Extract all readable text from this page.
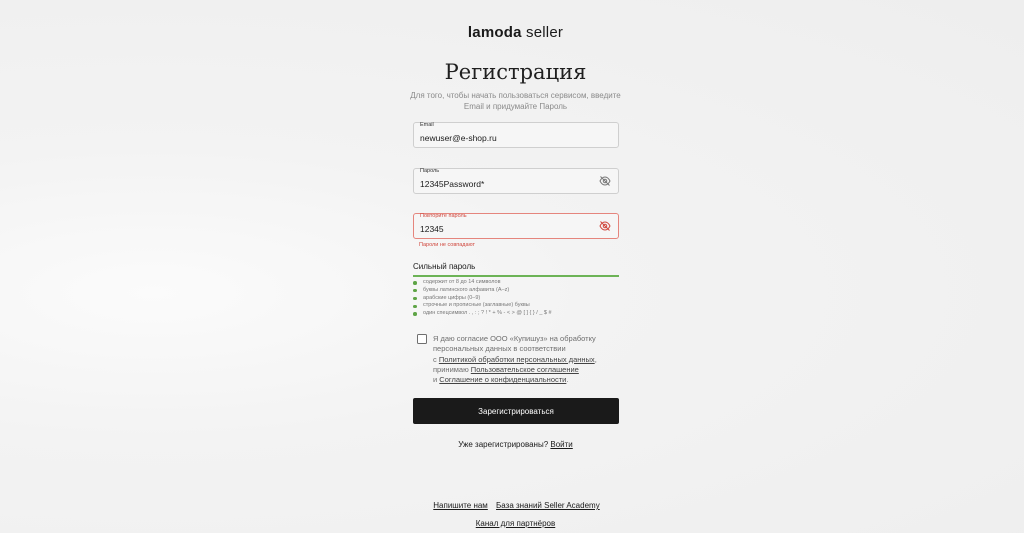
lamoda seller
Регистрация
Для того, чтобы начать пользоваться сервисом, введите
Email и придумайте Пароль
Email
newuser@e-shop.ru
Пароль
12345Password*
Повторите пароль
12345
Пароли не совпадают
Сильный пароль
содержит от 8 до 14 символов
буквы латинского алфавита (A–z)
арабские цифры (0–9)
строчные и прописные (заглавные) буквы
один спецсимвол . , : ; ? ! * + % - < > @ [ ] { } / _ $ #
Я даю согласие ООО «Купишуз» на обработку
персональных данных в соответствии
с Политикой обработки персональных данных,
принимаю Пользовательское соглашение
и Соглашение о конфиденциальности.
Зарегистрироваться
Уже зарегистрированы? Войти
Напишите нам База знаний Seller Academy
Канал для партнёров
